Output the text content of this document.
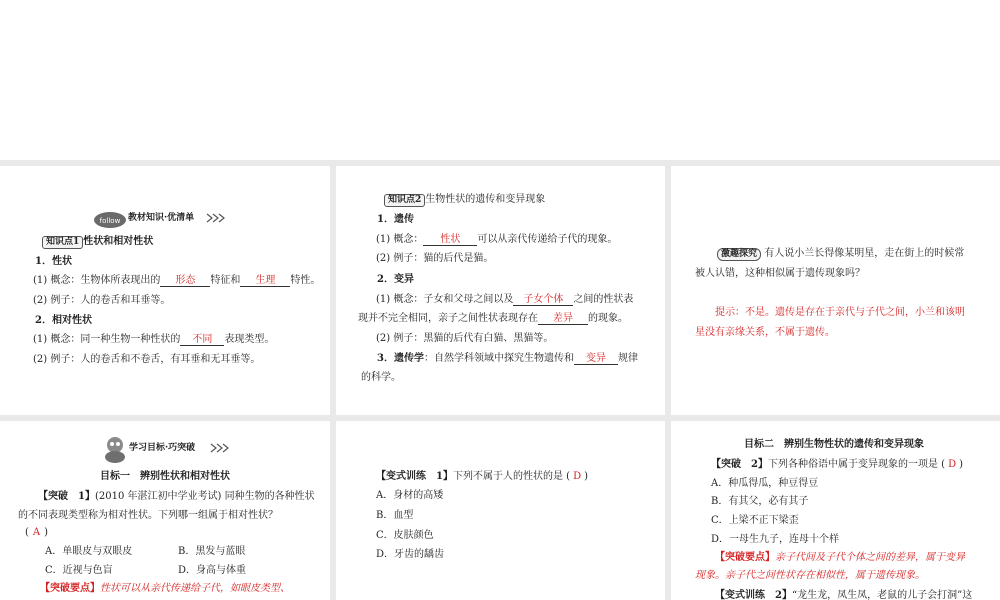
follow 教材知识·优清单
知识点1 性状和相对性状
1．性状
(1) 概念：生物体所表现出的 形态 特征和 生理 特性。
(2) 例子：人的卷舌和耳垂等。
2．相对性状
(1) 概念：同一种生物一种性状的 不同 表现类型。
(2) 例子：人的卷舌和不卷舌，有耳垂和无耳垂等。
知识点2 生物性状的遗传和变异现象
1．遗传
(1) 概念： 性状 可以从亲代传递给子代的现象。
(2) 例子：猫的后代是猫。
2．变异
(1) 概念：子女和父母之间以及 子女个体 之间的性状表
现并不完全相同，亲子之间性状表现存在 差异 的现象。
(2) 例子：黑猫的后代有白猫、黑猫等。
3．遗传学：自然学科领域中探究生物遗传和 变异 规律
的科学。
激趣探究 有人说小兰长得像某明星，走在街上的时候常
被人认错，这种相似属于遗传现象吗？
提示：不是。遗传是存在于亲代与子代之间，小兰和该明
星没有亲缘关系，不属于遗传。
学习目标·巧突破
目标一　辨别性状和相对性状
【突破　1】(2010 年湛江初中学业考试) 同种生物的各种性状
的不同表现类型称为相对性状。下列哪一组属于相对性状？
( A )
A．单眼皮与双眼皮	B．黑发与蓝眼
C．近视与色盲	D．身高与体重
【突破要点】性状可以从亲代传递给子代，如眼皮类型、
【变式训练　1】下列不属于人的性状的是 ( D )
A．身材的高矮
B．血型
C．皮肤颜色
D．牙齿的龋齿
目标二　辨别生物性状的遗传和变异现象
【突破　2】下列各种俗语中属于变异现象的一项是 ( D )
A．种瓜得瓜，种豆得豆
B．有其父，必有其子
C．上梁不正下梁歪
D．一母生九子，连母十个样
【突破要点】亲子代间及子代个体之间的差异，属于变异
现象。亲子代之间性状存在相似性，属于遗传现象。
【变式训练　2】“龙生龙，凤生凤，老鼠的儿子会打洞”这
